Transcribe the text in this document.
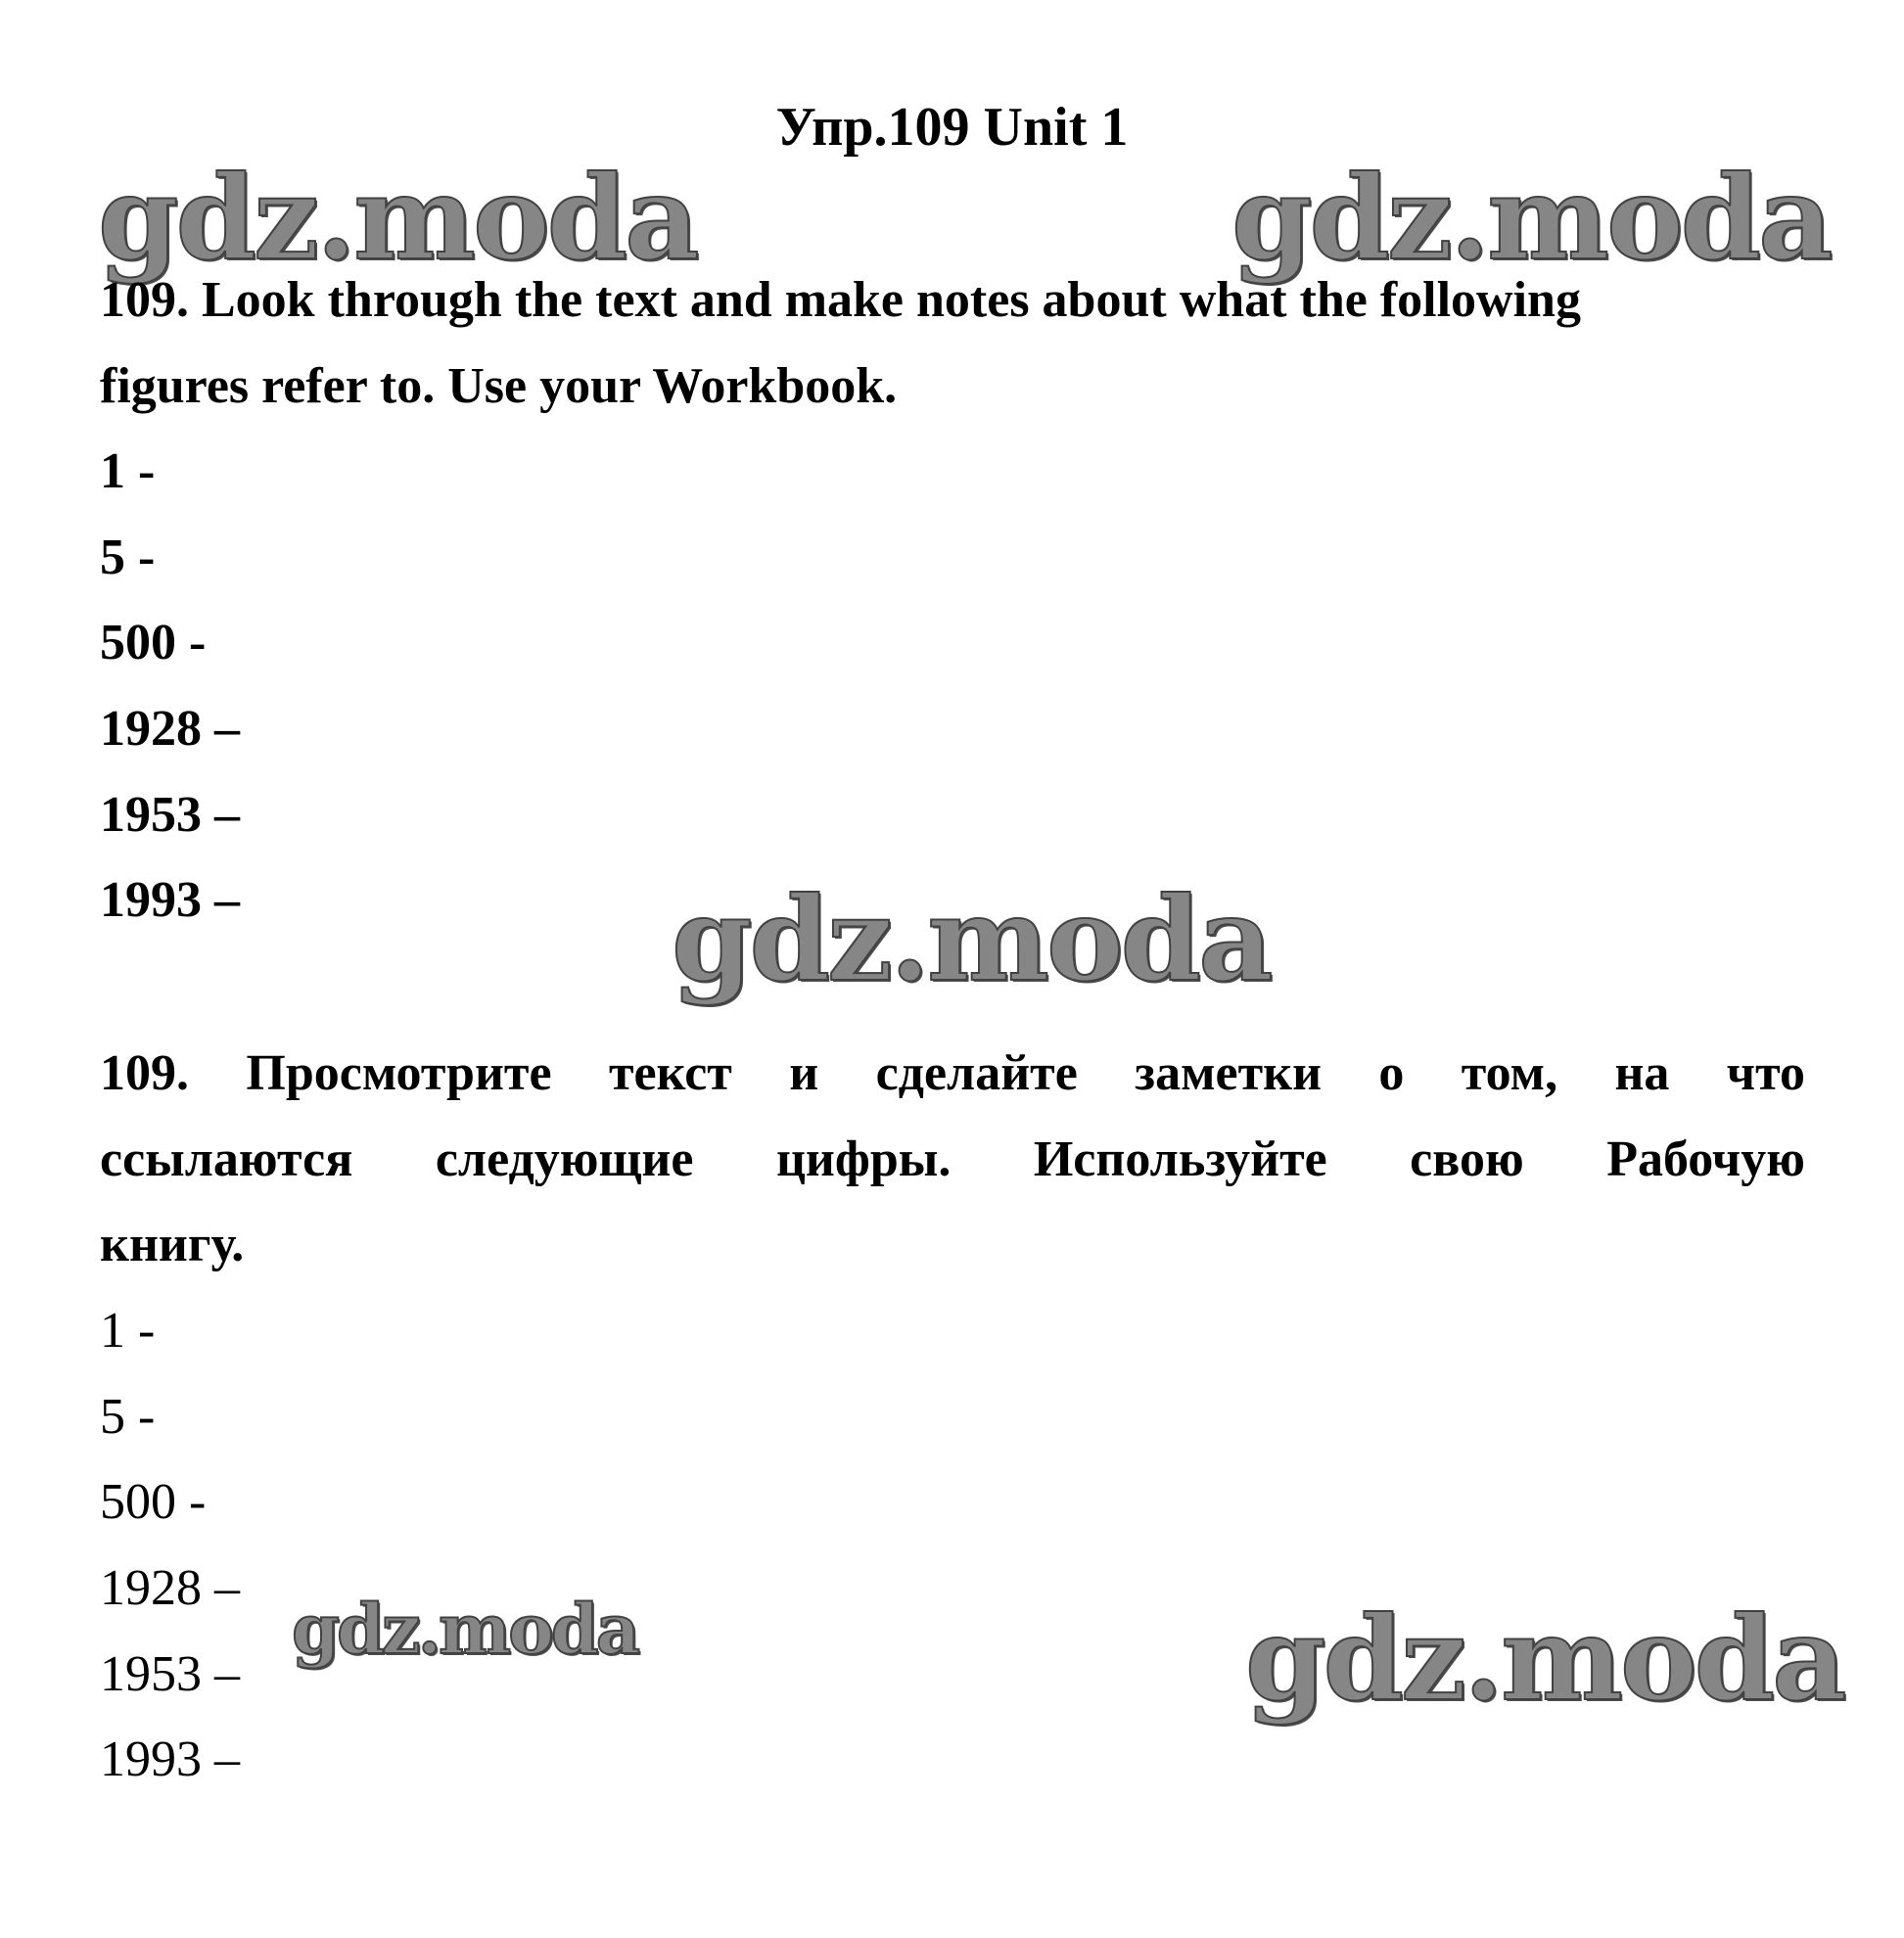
Упр.109 Unit 1
gdz.moda	gdz.moda
gdz.moda
gdz.moda	gdz.moda
109. Look through the text and make notes about what the following
figures refer to. Use your Workbook.
1 -
5 -
500 -
1928 –
1953 –
1993 –
109. Просмотрите текст и сделайте заметки о том, на что
ссылаются следующие цифры. Используйте свою Рабочую
книгу.
1 -
5 -
500 -
1928 –
1953 –
1993 –
